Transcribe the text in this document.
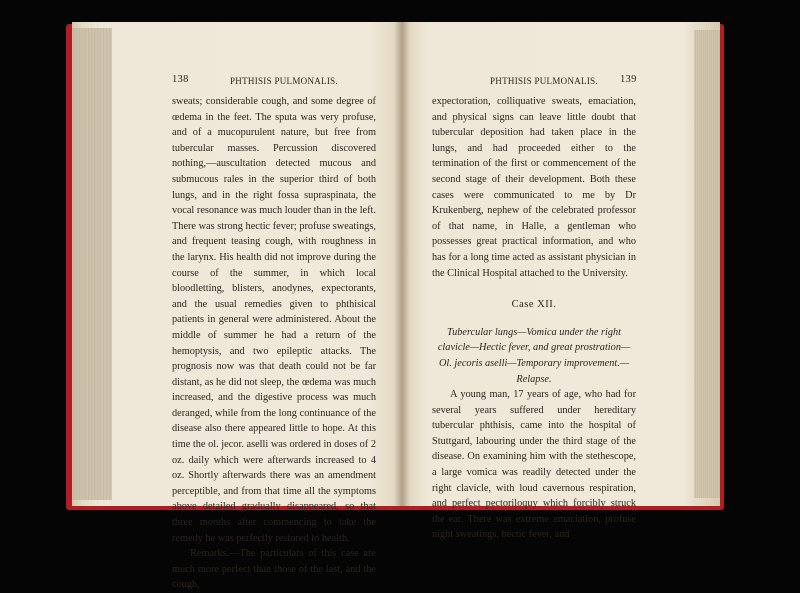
138	PHTHISIS PULMONALIS.

sweats; considerable cough, and some degree of œdema in the feet. The sputa was very profuse, and of a mucopurulent nature, but free from tubercular masses. Percussion discovered nothing,—auscultation detected mucous and submucous rales in the superior third of both lungs, and in the right fossa supraspinata, the vocal resonance was much louder than in the left. There was strong hectic fever; profuse sweatings, and frequent teasing cough, with roughness in the larynx. His health did not improve during the course of the summer, in which local bloodletting, blisters, anodynes, expectorants, and the usual remedies given to phthisical patients in general were administered. About the middle of summer he had a return of the hemoptysis, and two epileptic attacks. The prognosis now was that death could not be far distant, as he did not sleep, the œdema was much increased, and the digestive process was much deranged, while from the long continuance of the disease also there appeared little to hope. At this time the ol. jecor. aselli was ordered in doses of 2 oz. daily which were afterwards increased to 4 oz. Shortly afterwards there was an amendment perceptible, and from that time all the symptoms above detailed gradually disappeared, so that three months after commencing to take the remedy he was perfectly restored to health.

Remarks.—The particulars of this case are much more perfect than those of the last, and the cough,

PHTHISIS PULMONALIS. 139

expectoration, colliquative sweats, emaciation, and physical signs can leave little doubt that tubercular deposition had taken place in the lungs, and had proceeded either to the termination of the first or commencement of the second stage of their development. Both these cases were communicated to me by Dr Krukenberg, nephew of the celebrated professor of that name, in Halle, a gentleman who possesses great practical information, and who has for a long time acted as assistant physician in the Clinical Hospital attached to the University.

Case XII.

Tubercular lungs—Vomica under the right clavicle—Hectic fever, and great prostration—Ol. jecoris aselli—Temporary improvement.—Relapse.

A young man, 17 years of age, who had for several years suffered under hereditary tubercular phthisis, came into the hospital of Stuttgard, labouring under the third stage of the disease. On examining him with the stethescope, a large vomica was readily detected under the right clavicle, with loud cavernous respiration, and perfect pectoriloquy which forcibly struck the ear. There was extreme emaciation, profuse night sweatings, hectic fever, and
